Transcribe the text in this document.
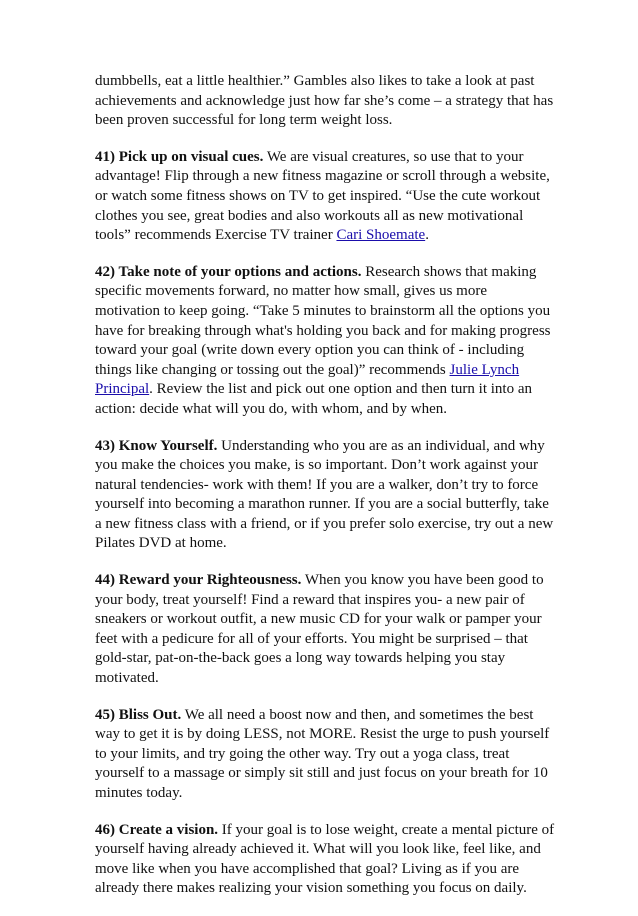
dumbbells, eat a little healthier.” Gambles also likes to take a look at past achievements and acknowledge just how far she’s come – a strategy that has been proven successful for long term weight loss.

41) Pick up on visual cues. We are visual creatures, so use that to your advantage! Flip through a new fitness magazine or scroll through a website, or watch some fitness shows on TV to get inspired. “Use the cute workout clothes you see, great bodies and also workouts all as new motivational tools” recommends Exercise TV trainer Cari Shoemate.

42) Take note of your options and actions. Research shows that making specific movements forward, no matter how small, gives us more motivation to keep going. “Take 5 minutes to brainstorm all the options you have for breaking through what's holding you back and for making progress toward your goal (write down every option you can think of - including things like changing or tossing out the goal)” recommends Julie Lynch Principal. Review the list and pick out one option and then turn it into an action: decide what will you do, with whom, and by when.

43) Know Yourself. Understanding who you are as an individual, and why you make the choices you make, is so important. Don’t work against your natural tendencies- work with them! If you are a walker, don’t try to force yourself into becoming a marathon runner. If you are a social butterfly, take a new fitness class with a friend, or if you prefer solo exercise, try out a new Pilates DVD at home.

44) Reward your Righteousness. When you know you have been good to your body, treat yourself! Find a reward that inspires you- a new pair of sneakers or workout outfit, a new music CD for your walk or pamper your feet with a pedicure for all of your efforts. You might be surprised – that gold-star, pat-on-the-back goes a long way towards helping you stay motivated.

45) Bliss Out. We all need a boost now and then, and sometimes the best way to get it is by doing LESS, not MORE. Resist the urge to push yourself to your limits, and try going the other way. Try out a yoga class, treat yourself to a massage or simply sit still and just focus on your breath for 10 minutes today.

46) Create a vision. If your goal is to lose weight, create a mental picture of yourself having already achieved it. What will you look like, feel like, and move like when you have accomplished that goal? Living as if you are already there makes realizing your vision something you focus on daily.
